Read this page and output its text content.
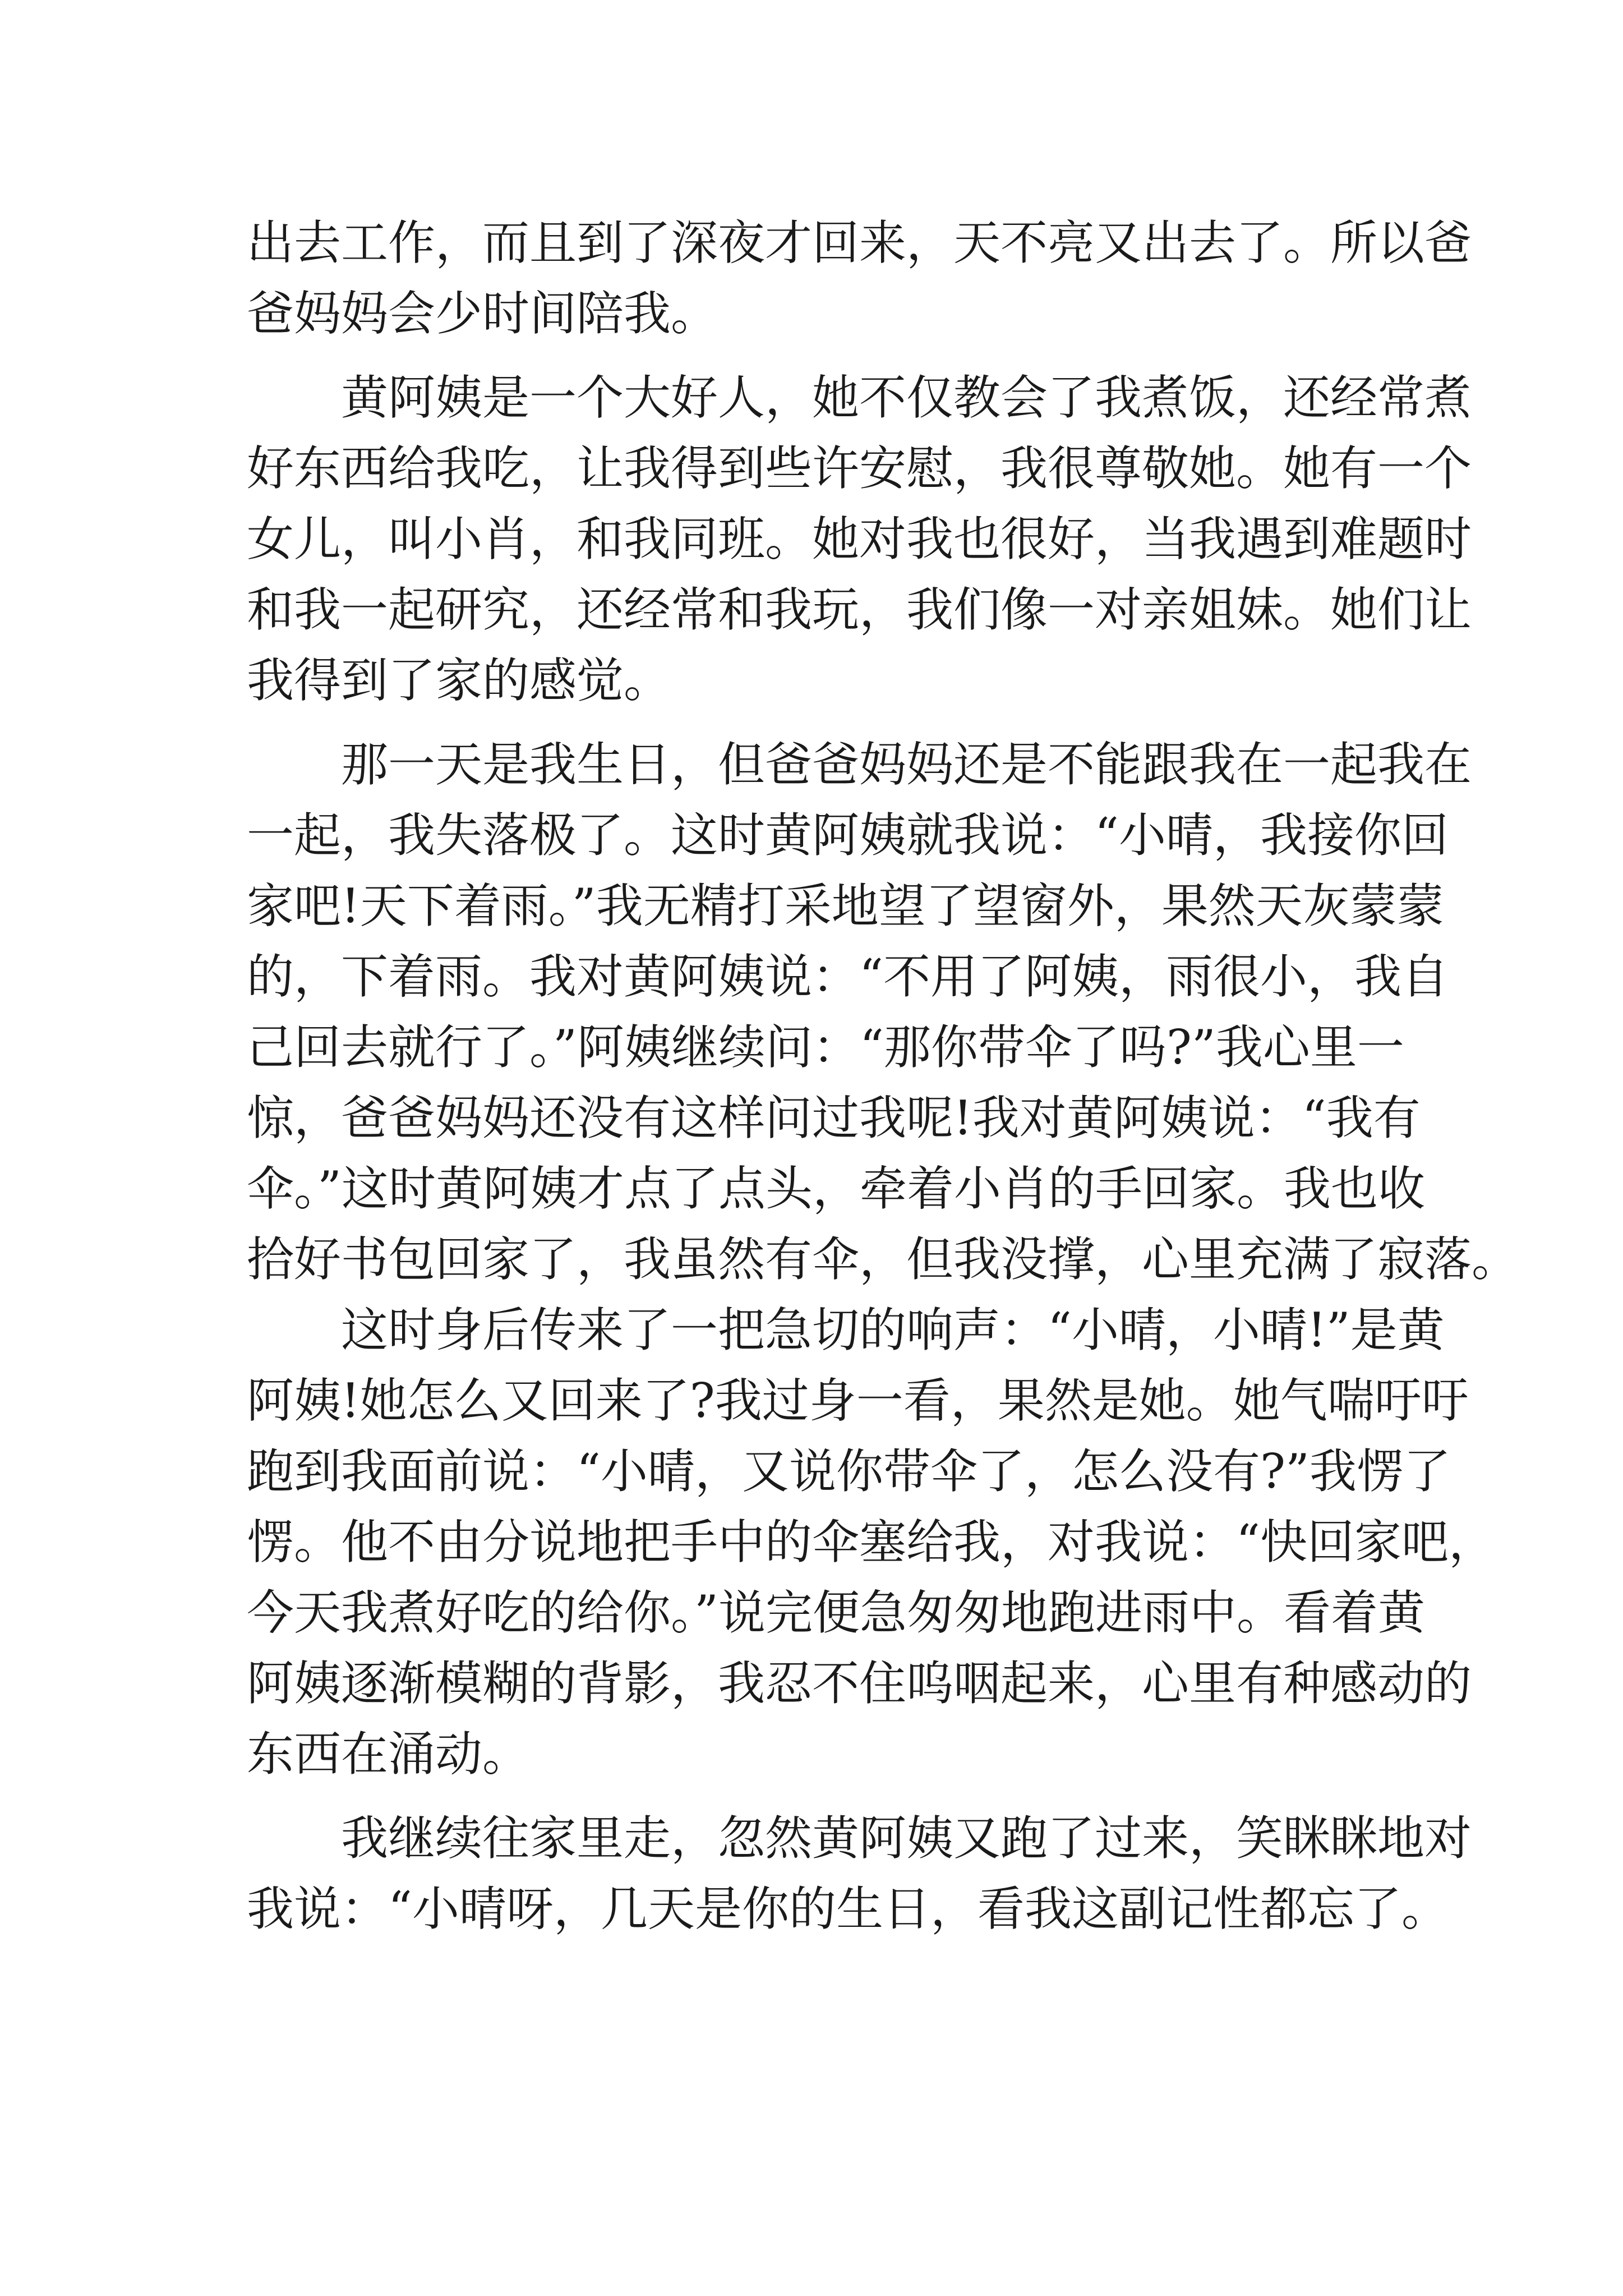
出去工作，而且到了深夜才回来，天不亮又出去了。所以爸
爸妈妈会少时间陪我。
　　黄阿姨是一个大好人，她不仅教会了我煮饭，还经常煮
好东西给我吃，让我得到些许安慰，我很尊敬她。她有一个
女儿，叫小肖，和我同班。她对我也很好，当我遇到难题时
和我一起研究，还经常和我玩，我们像一对亲姐妹。她们让
我得到了家的感觉。
　　那一天是我生日，但爸爸妈妈还是不能跟我在一起我在
一起，我失落极了。这时黄阿姨就我说：“小晴，我接你回
家吧!天下着雨。”我无精打采地望了望窗外，果然天灰蒙蒙
的，下着雨。我对黄阿姨说：“不用了阿姨，雨很小，我自
己回去就行了。”阿姨继续问：“那你带伞了吗?”我心里一
惊，爸爸妈妈还没有这样问过我呢!我对黄阿姨说：“我有
伞。”这时黄阿姨才点了点头，牵着小肖的手回家。我也收
拾好书包回家了，我虽然有伞，但我没撑，心里充满了寂落。
　　这时身后传来了一把急切的响声：“小晴，小晴!”是黄
阿姨!她怎么又回来了?我过身一看，果然是她。她气喘吁吁
跑到我面前说：“小晴，又说你带伞了，怎么没有?”我愣了
愣。他不由分说地把手中的伞塞给我，对我说：“快回家吧，
今天我煮好吃的给你。”说完便急匆匆地跑进雨中。看着黄
阿姨逐渐模糊的背影，我忍不住呜咽起来，心里有种感动的
东西在涌动。
　　我继续往家里走，忽然黄阿姨又跑了过来，笑眯眯地对
我说：“小晴呀，几天是你的生日，看我这副记性都忘了。
